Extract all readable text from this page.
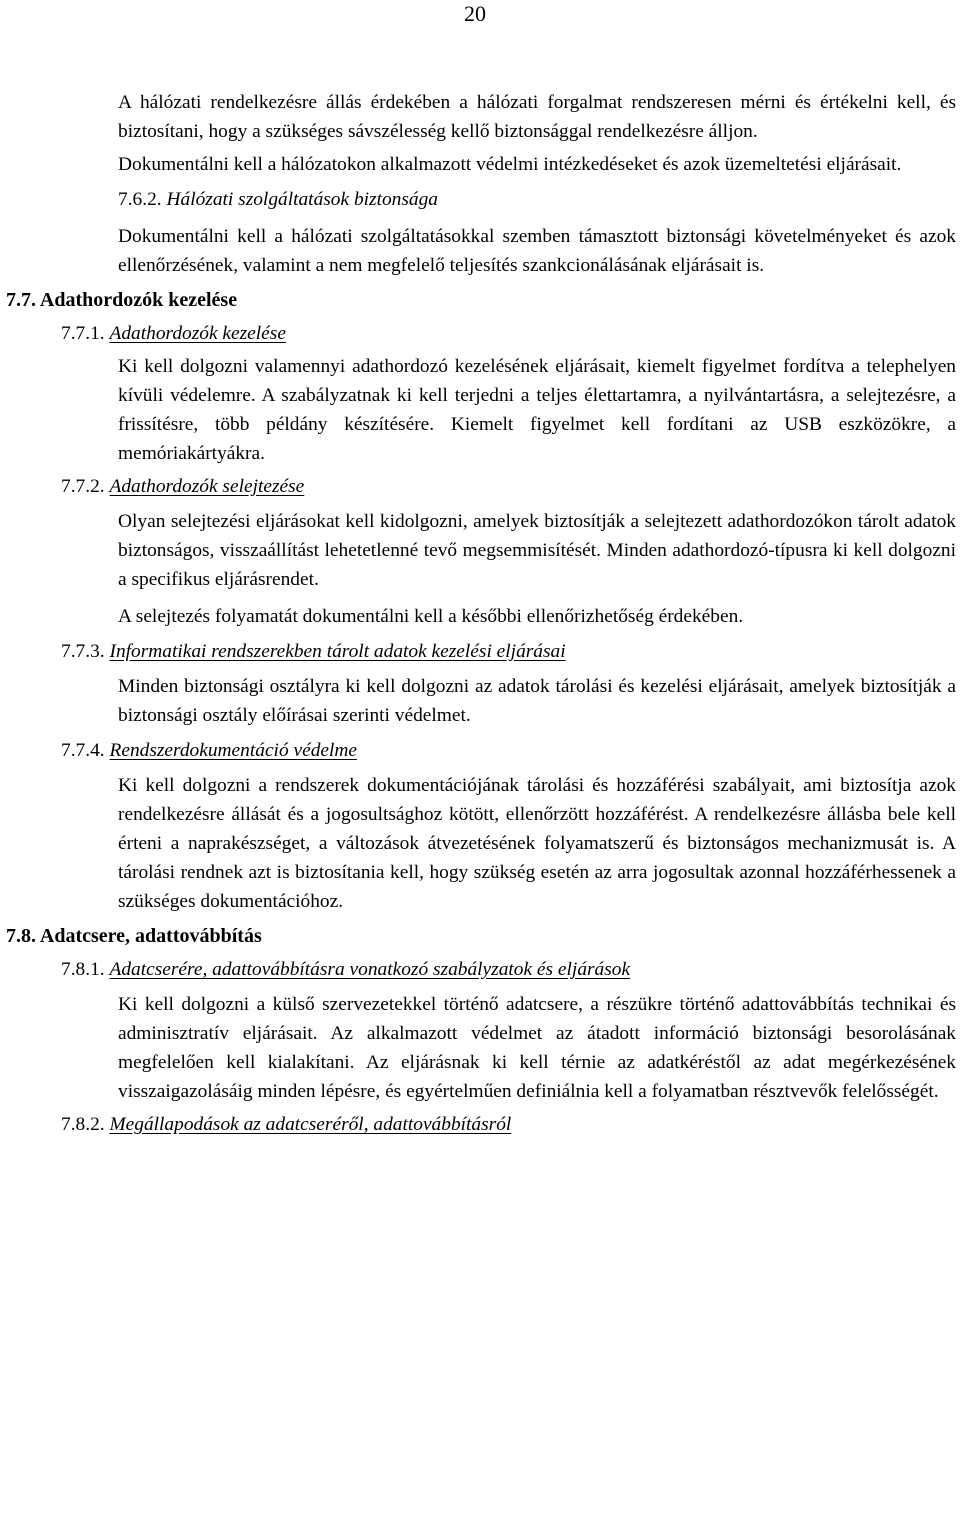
20
A hálózati rendelkezésre állás érdekében a hálózati forgalmat rendszeresen mérni és értékelni kell, és biztosítani, hogy a szükséges sávszélesség kellő biztonsággal rendelkezésre álljon.
Dokumentálni kell a hálózatokon alkalmazott védelmi intézkedéseket és azok üzemeltetési eljárásait.
7.6.2. Hálózati szolgáltatások biztonsága
Dokumentálni kell a hálózati szolgáltatásokkal szemben támasztott biztonsági követelményeket és azok ellenőrzésének, valamint a nem megfelelő teljesítés szankcionálásának eljárásait is.
7.7. Adathordozók kezelése
7.7.1. Adathordozók kezelése
Ki kell dolgozni valamennyi adathordozó kezelésének eljárásait, kiemelt figyelmet fordítva a telephelyen kívüli védelemre. A szabályzatnak ki kell terjedni a teljes élettartamra, a nyilvántartásra, a selejtezésre, a frissítésre, több példány készítésére. Kiemelt figyelmet kell fordítani az USB eszközökre, a memóriakártyákra.
7.7.2. Adathordozók selejtezése
Olyan selejtezési eljárásokat kell kidolgozni, amelyek biztosítják a selejtezett adathordozókon tárolt adatok biztonságos, visszaállítást lehetetlenné tevő megsemmisítését. Minden adathordozó-típusra ki kell dolgozni a specifikus eljárásrendet.
A selejtezés folyamatát dokumentálni kell a későbbi ellenőrizhetőség érdekében.
7.7.3. Informatikai rendszerekben tárolt adatok kezelési eljárásai
Minden biztonsági osztályra ki kell dolgozni az adatok tárolási és kezelési eljárásait, amelyek biztosítják a biztonsági osztály előírásai szerinti védelmet.
7.7.4. Rendszerdokumentáció védelme
Ki kell dolgozni a rendszerek dokumentációjának tárolási és hozzáférési szabályait, ami biztosítja azok rendelkezésre állását és a jogosultsághoz kötött, ellenőrzött hozzáférést. A rendelkezésre állásba bele kell érteni a naprakészséget, a változások átvezetésének folyamatszerű és biztonságos mechanizmusát is. A tárolási rendnek azt is biztosítania kell, hogy szükség esetén az arra jogosultak azonnal hozzáférhessenek a szükséges dokumentációhoz.
7.8. Adatcsere, adattovábbítás
7.8.1. Adatcserére, adattovábbításra vonatkozó szabályzatok és eljárások
Ki kell dolgozni a külső szervezetekkel történő adatcsere, a részükre történő adattovábbítás technikai és adminisztratív eljárásait. Az alkalmazott védelmet az átadott információ biztonsági besorolásának megfelelően kell kialakítani. Az eljárásnak ki kell térnie az adatkéréstől az adat megérkezésének visszaigazolásáig minden lépésre, és egyértelműen definiálnia kell a folyamatban résztvevők felelősségét.
7.8.2. Megállapodások az adatcseréről, adattovábbításról
